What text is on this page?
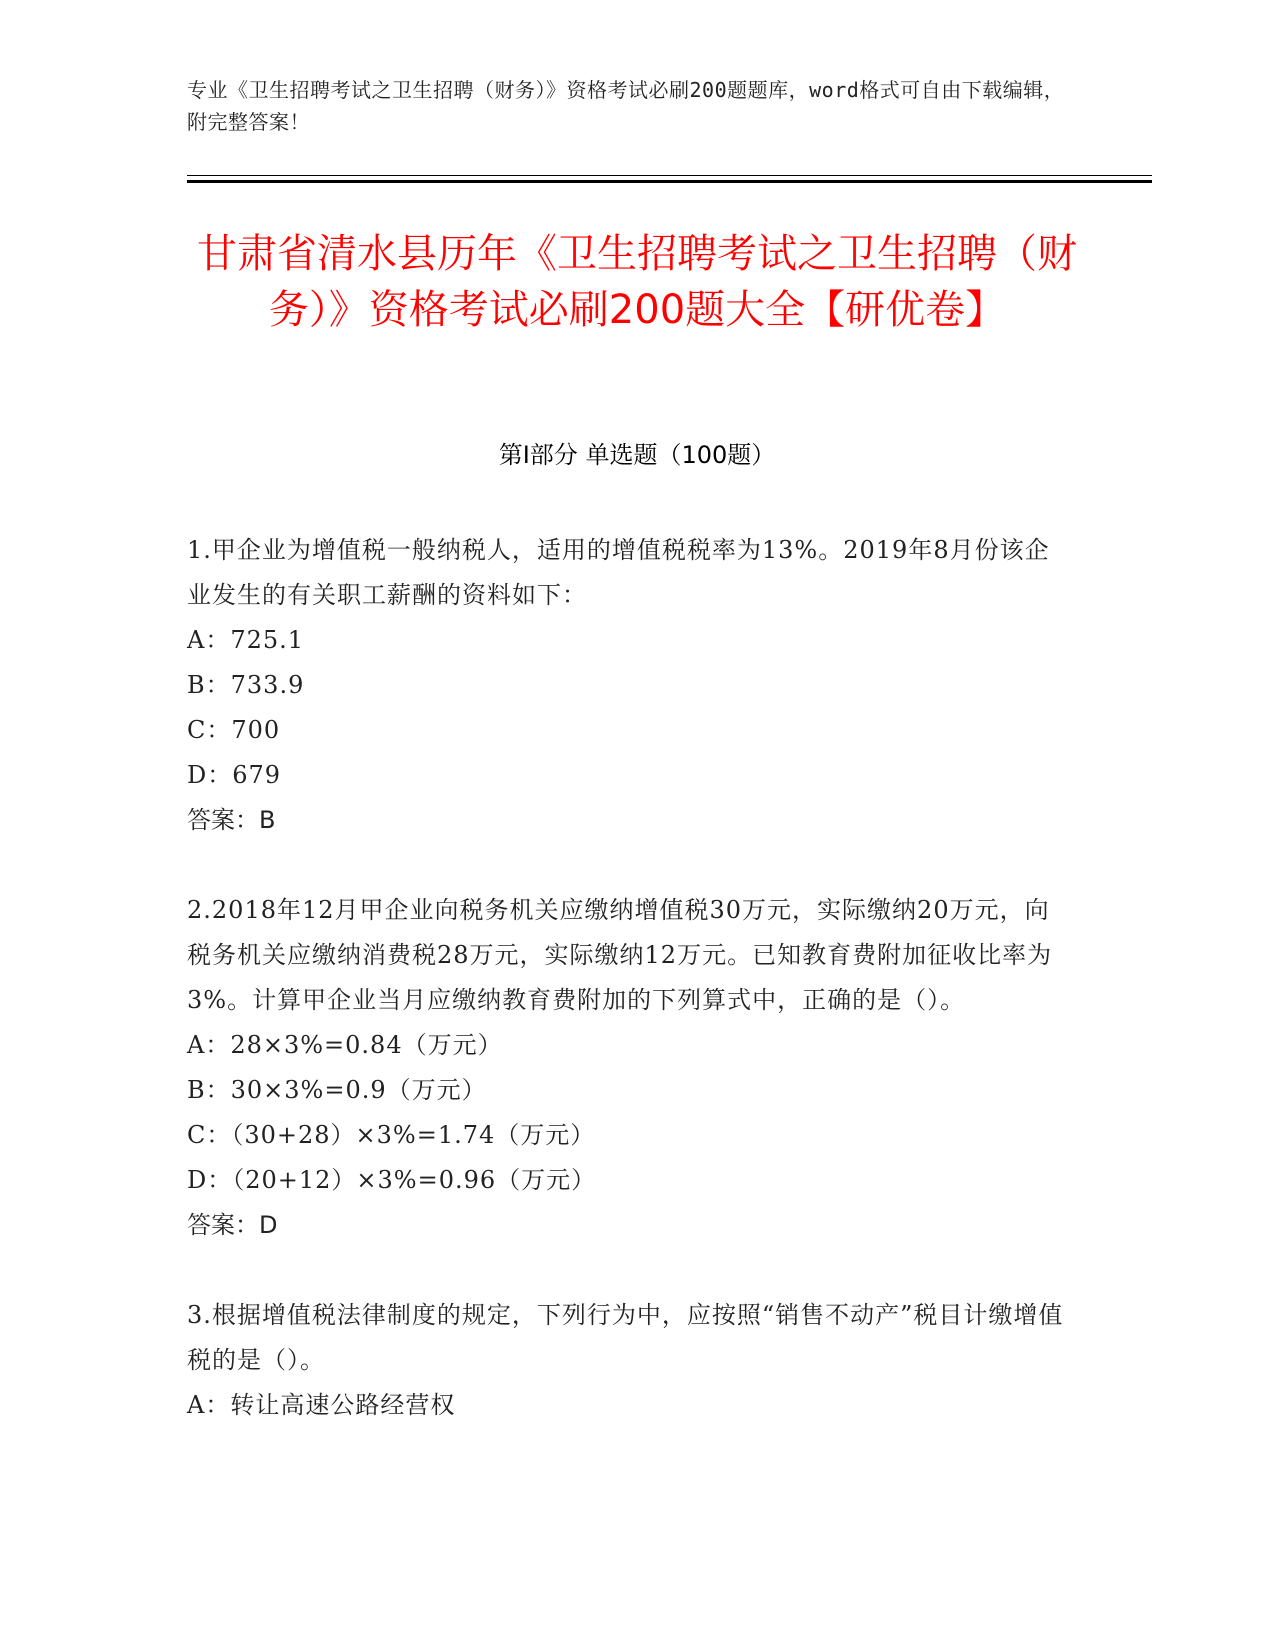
专业《卫生招聘考试之卫生招聘（财务）》资格考试必刷200题题库，word格式可自由下载编辑，附完整答案！
甘肃省清水县历年《卫生招聘考试之卫生招聘（财务）》资格考试必刷200题大全【研优卷】
第Ⅰ部分 单选题（100题）

1.甲企业为增值税一般纳税人，适用的增值税税率为13%。2019年8月份该企业发生的有关职工薪酬的资料如下：

A：725.1

B：733.9

C：700

D：679

答案：B

2.2018年12月甲企业向税务机关应缴纳增值税30万元，实际缴纳20万元，向税务机关应缴纳消费税28万元，实际缴纳12万元。已知教育费附加征收比率为3%。计算甲企业当月应缴纳教育费附加的下列算式中，正确的是（）。

A：28×3%=0.84（万元）

B：30×3%=0.9（万元）

C：（30+28）×3%=1.74（万元）

D：（20+12）×3%=0.96（万元）

答案：D

3.根据增值税法律制度的规定，下列行为中，应按照“销售不动产”税目计缴增值税的是（）。

A：转让高速公路经营权
